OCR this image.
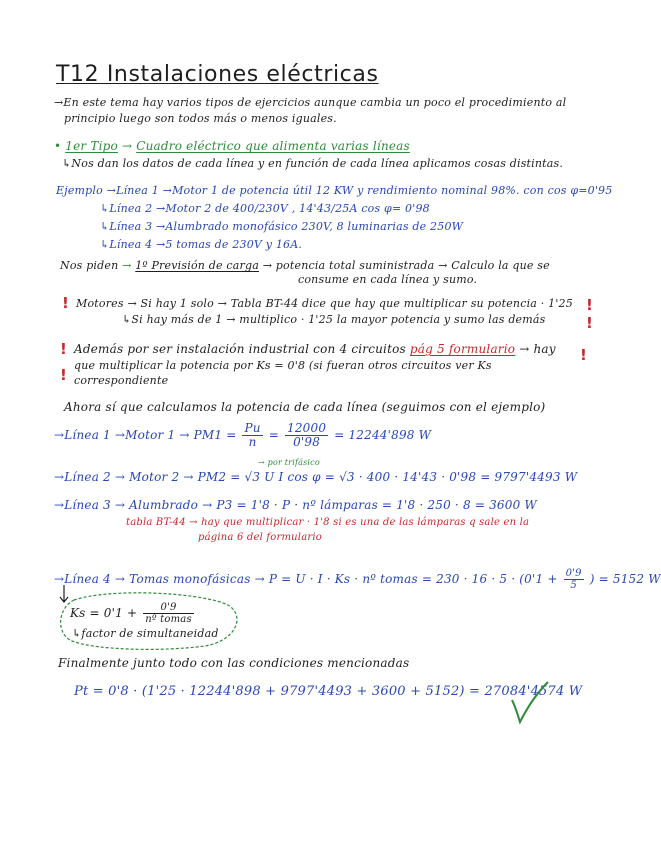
T12 Instalaciones eléctricas
→En este tema hay varios tipos de ejercicios aunque cambia un poco el procedimiento al
principio luego son todos más o menos iguales.
• 1er Tipo → Cuadro eléctrico que alimenta varias líneas
↳Nos dan los datos de cada línea y en función de cada línea aplicamos cosas distintas.
Ejemplo →Línea 1 →Motor 1 de potencia útil 12 KW y rendimiento nominal 98%. con cos φ=0'95
↳Línea 2 →Motor 2 de 400/230V , 14'43/25A cos φ= 0'98
↳Línea 3 →Alumbrado monofásico 230V, 8 luminarias de 250W
↳Línea 4 →5 tomas de 230V y 16A.
Nos piden → 1º Previsión de carga → potencia total suministrada → Calculo la que se
consume en cada línea y sumo.
! Motores → Si hay 1 solo → Tabla BT-44 dice que hay que multiplicar su potencia · 1'25
↳Si hay más de 1 → multiplico · 1'25 la mayor potencia y sumo las demás
!
!
! Además por ser instalación industrial con 4 circuitos pág 5 formulario → hay
que multiplicar la potencia por Ks = 0'8 (si fueran otros circuitos ver Ks
correspondiente
!
!
Ahora sí que calculamos la potencia de cada línea (seguimos con el ejemplo)
→Línea 1 →Motor $1 \to PM1 = \frac{Pu}{n} = \frac{12000}{0'98} = 12244'898$ W
→ por trifásico
→Línea 2 → Motor 2 → PM2 = √3 U I cos φ = √3 · 400 · 14'43 · 0'98 = 9797'4493 W
→Línea 3 → Alumbrado → P3 = 1'8 · P · nº lámparas = 1'8 · 250 · 8 = 3600 W
tabla BT-44 → hay que multiplicar · 1'8 si es una de las lámparas q sale en la
página 6 del formulario
→Línea 4 → Tomas monofásicas → P = U · I · Ks · nº tomas = $230 \cdot 16 \cdot 5 \cdot (0'1 + \frac{0'9}{5}$ ) = 5152 W
$Ks = 0'1 + \frac{0'9}{\text{nº tomas}}$
↳factor de simultaneidad
Finalmente junto todo con las condiciones mencionadas
Pt = 0'8 · (1'25 · 12244'898 + 9797'4493 + 3600 + 5152) = 27084'4574 W
